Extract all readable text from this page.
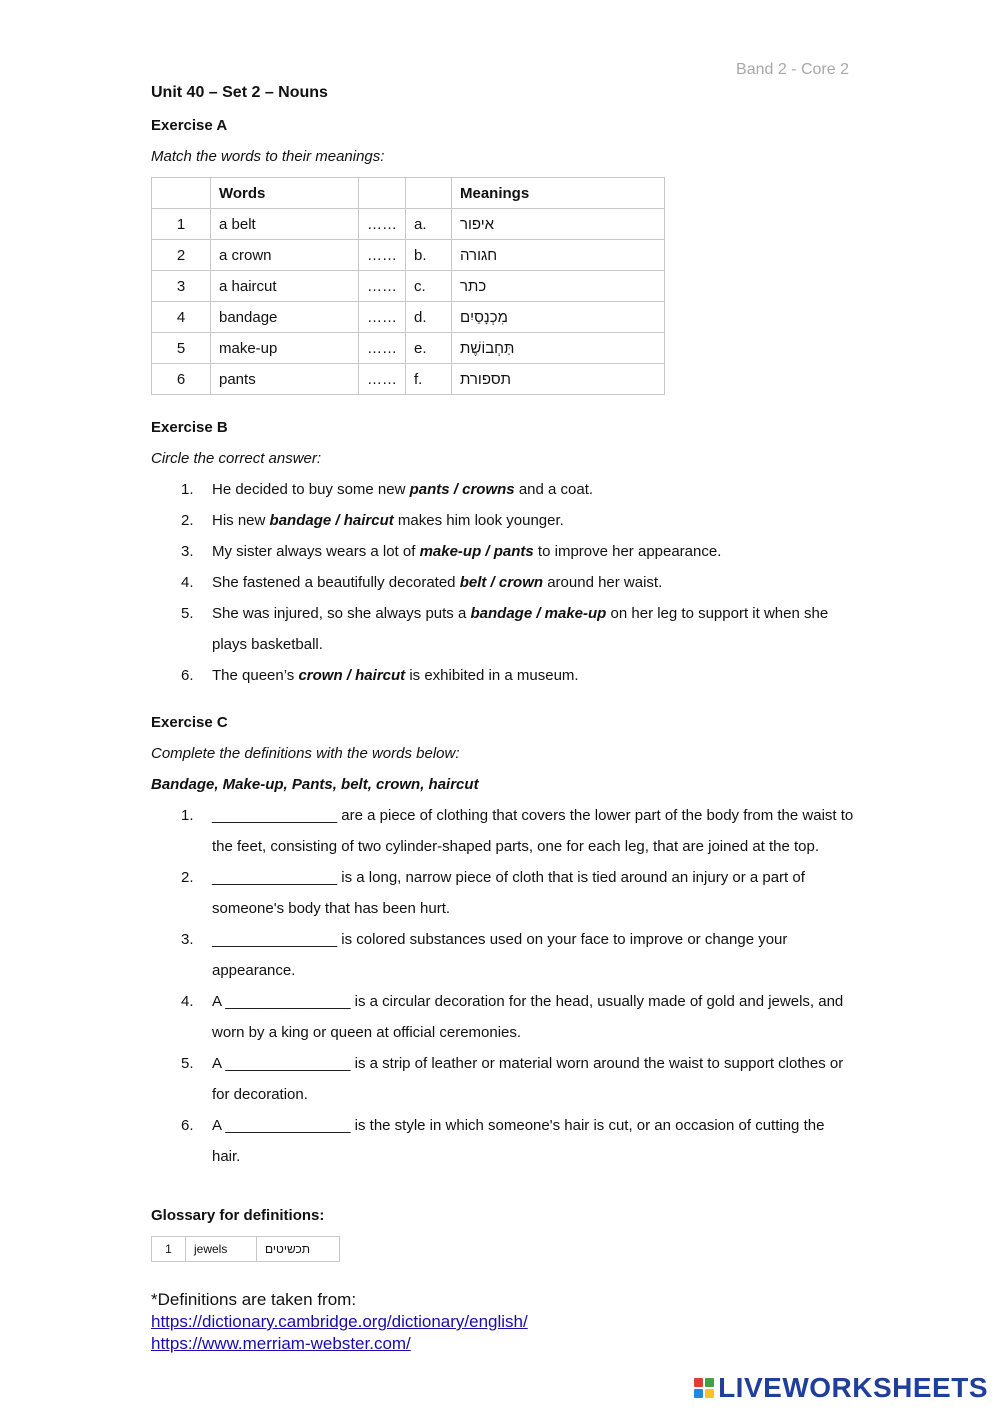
Band 2 - Core 2
Unit 40 – Set 2 – Nouns
Exercise A
Match the words to their meanings:
	Words			Meanings
1	a belt	……	a.	איפור
2	a crown	……	b.	חגורה
3	a haircut	……	c.	כתר
4	bandage	……	d.	מִכְנָסַיִם
5	make-up	……	e.	תַּחְבוֹשֶׁת
6	pants	……	f.	תספורת
Exercise B
Circle the correct answer:
1. He decided to buy some new pants / crowns and a coat.
2. His new bandage / haircut makes him look younger.
3. My sister always wears a lot of make-up / pants to improve her appearance.
4. She fastened a beautifully decorated belt / crown around her waist.
5. She was injured, so she always puts a bandage / make-up on her leg to support it when she plays basketball.
6. The queen’s crown / haircut is exhibited in a museum.
Exercise C
Complete the definitions with the words below:
Bandage, Make-up, Pants, belt, crown, haircut
1. _______________ are a piece of clothing that covers the lower part of the body from the waist to the feet, consisting of two cylinder-shaped parts, one for each leg, that are joined at the top.
2. _______________ is a long, narrow piece of cloth that is tied around an injury or a part of someone's body that has been hurt.
3. _______________ is colored substances used on your face to improve or change your appearance.
4. A _______________ is a circular decoration for the head, usually made of gold and jewels, and worn by a king or queen at official ceremonies.
5. A _______________ is a strip of leather or material worn around the waist to support clothes or for decoration.
6. A _______________ is the style in which someone's hair is cut, or an occasion of cutting the hair.
Glossary for definitions:
1	jewels	תכשיטים
*Definitions are taken from:
https://dictionary.cambridge.org/dictionary/english/
https://www.merriam-webster.com/
LIVEWORKSHEETS
